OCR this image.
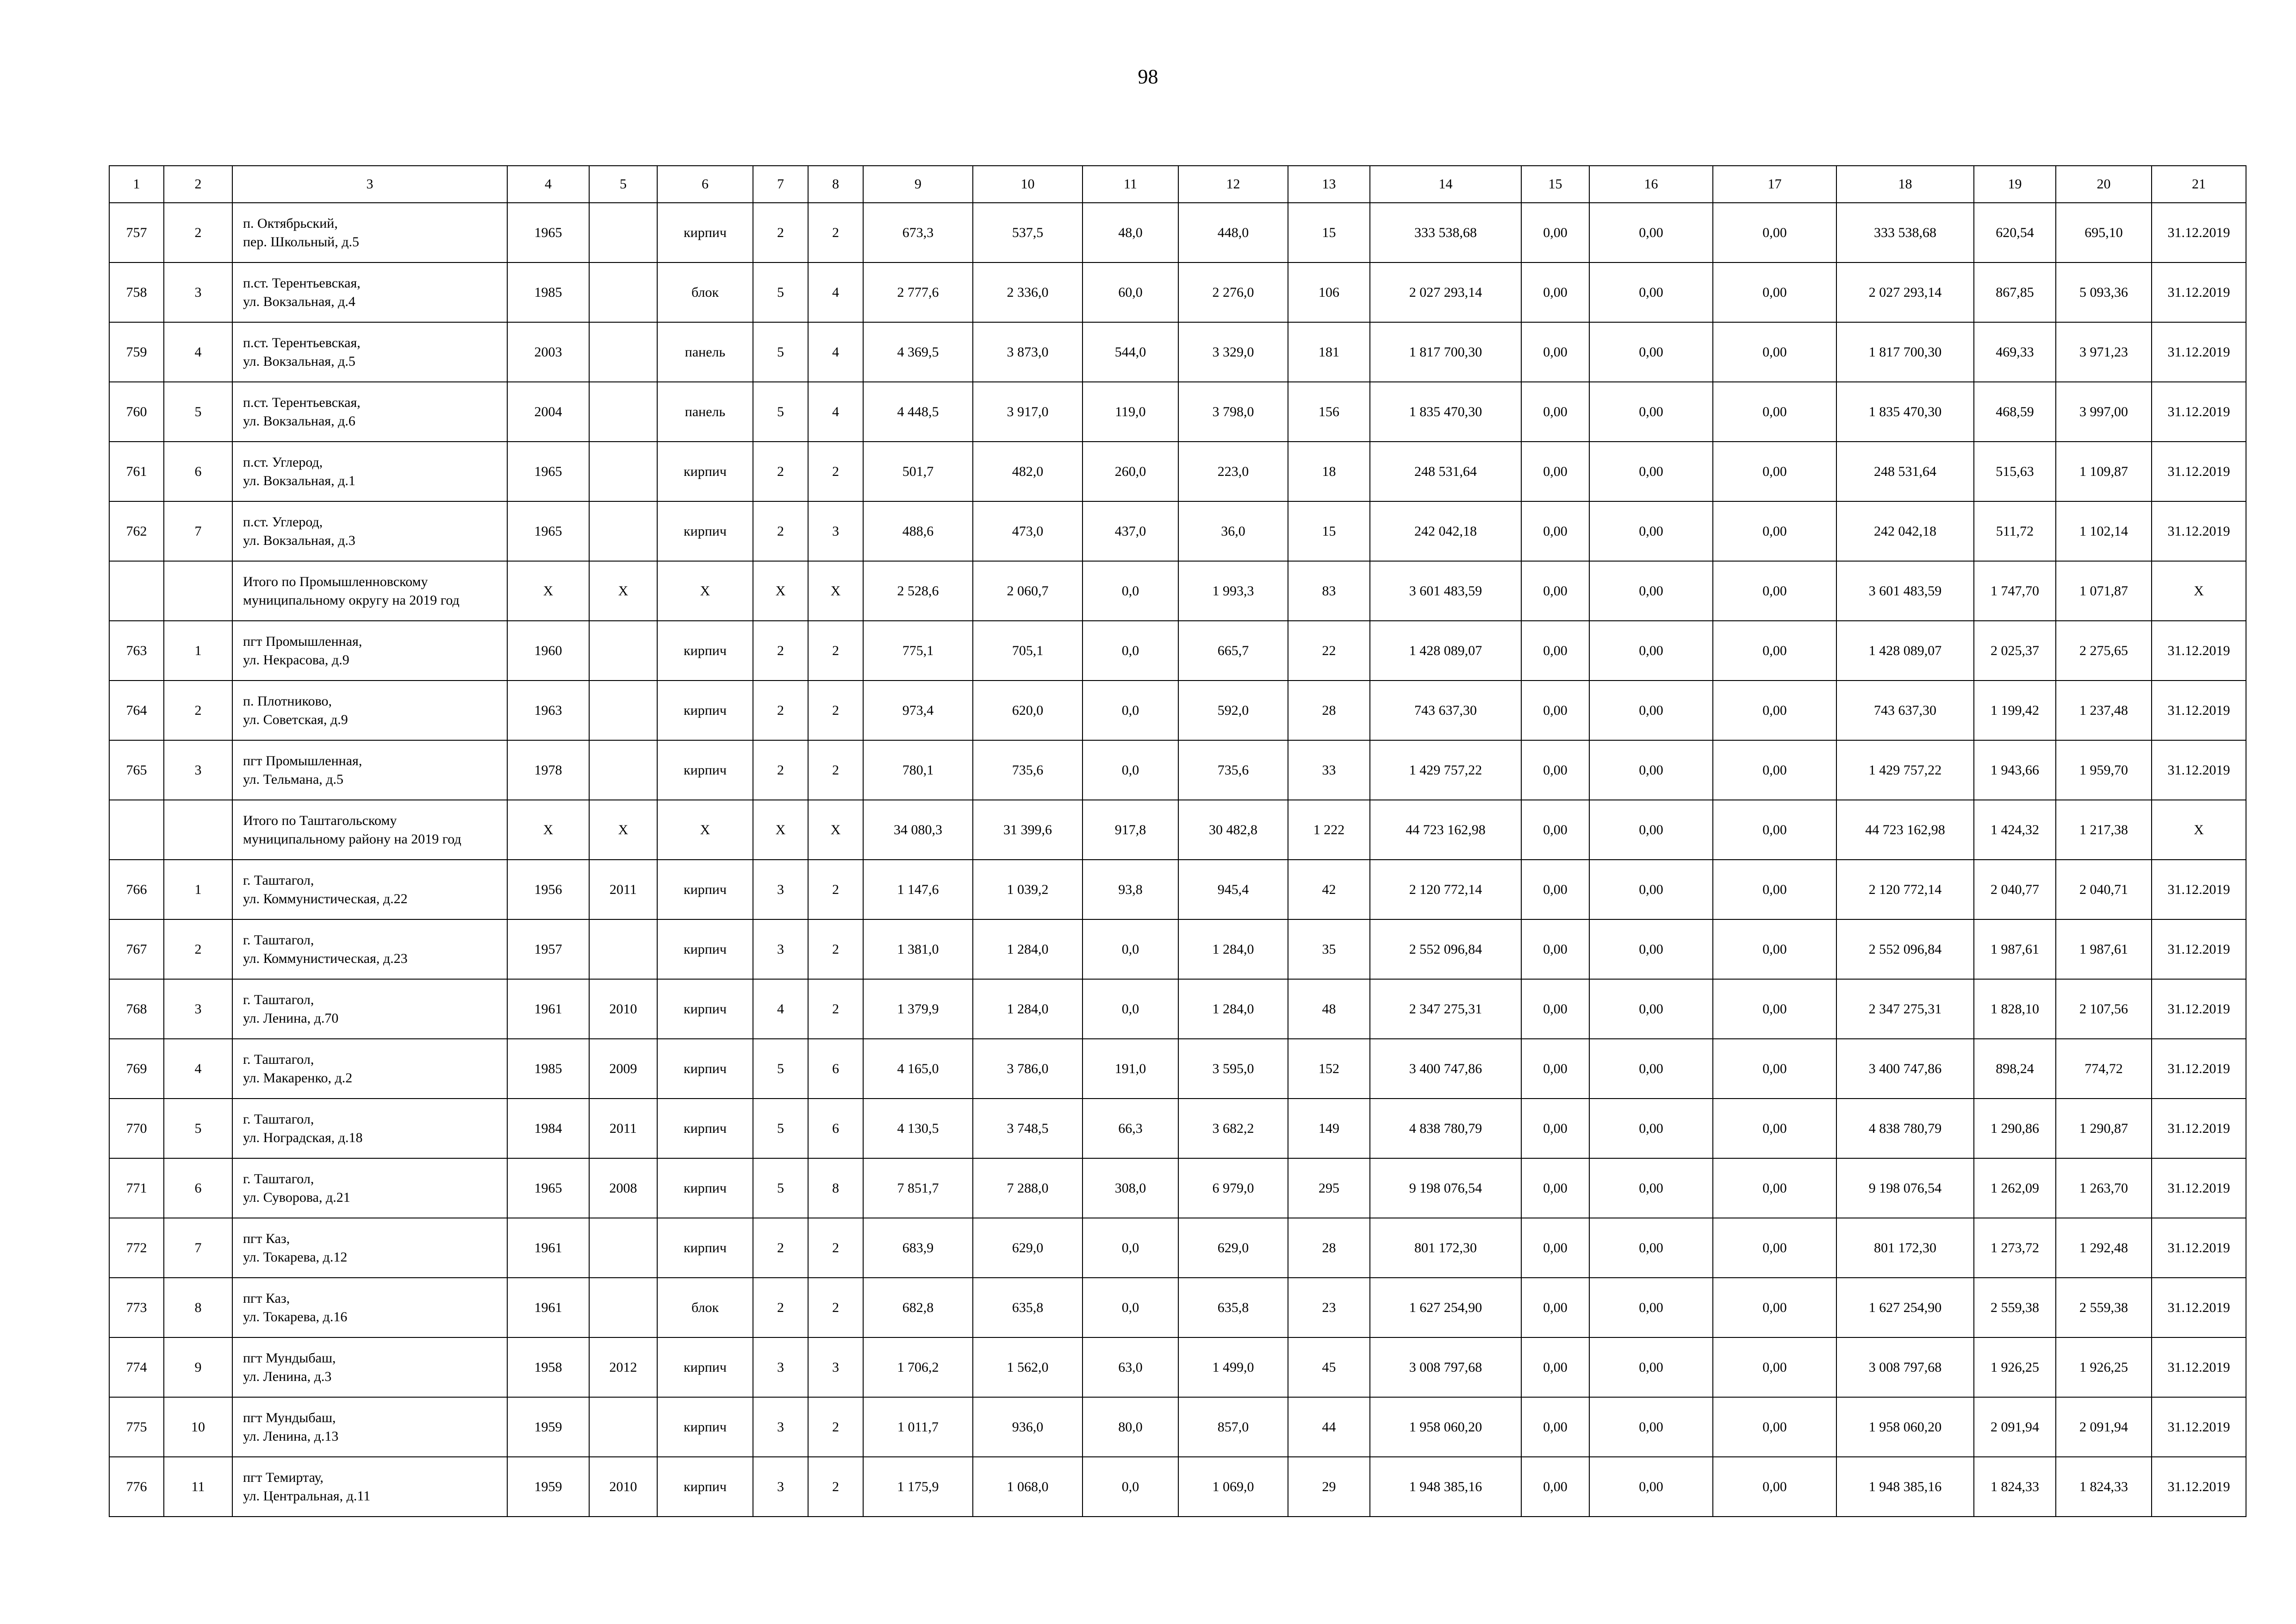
98
1	2	3	4	5	6	7	8	9	10	11	12	13	14	15	16	17	18	19	20	21
757	2	п. Октябрьский,
пер. Школьный, д.5	1965		кирпич	2	2	673,3	537,5	48,0	448,0	15	333 538,68	0,00	0,00	0,00	333 538,68	620,54	695,10	31.12.2019
758	3	п.ст. Терентьевская,
ул. Вокзальная, д.4	1985		блок	5	4	2 777,6	2 336,0	60,0	2 276,0	106	2 027 293,14	0,00	0,00	0,00	2 027 293,14	867,85	5 093,36	31.12.2019
759	4	п.ст. Терентьевская,
ул. Вокзальная, д.5	2003		панель	5	4	4 369,5	3 873,0	544,0	3 329,0	181	1 817 700,30	0,00	0,00	0,00	1 817 700,30	469,33	3 971,23	31.12.2019
760	5	п.ст. Терентьевская,
ул. Вокзальная, д.6	2004		панель	5	4	4 448,5	3 917,0	119,0	3 798,0	156	1 835 470,30	0,00	0,00	0,00	1 835 470,30	468,59	3 997,00	31.12.2019
761	6	п.ст. Углерод,
ул. Вокзальная, д.1	1965		кирпич	2	2	501,7	482,0	260,0	223,0	18	248 531,64	0,00	0,00	0,00	248 531,64	515,63	1 109,87	31.12.2019
762	7	п.ст. Углерод,
ул. Вокзальная, д.3	1965		кирпич	2	3	488,6	473,0	437,0	36,0	15	242 042,18	0,00	0,00	0,00	242 042,18	511,72	1 102,14	31.12.2019
		Итого по Промышленновскому
муниципальному округу на 2019 год	X	X	X	X	X	2 528,6	2 060,7	0,0	1 993,3	83	3 601 483,59	0,00	0,00	0,00	3 601 483,59	1 747,70	1 071,87	X
763	1	пгт Промышленная,
ул. Некрасова, д.9	1960		кирпич	2	2	775,1	705,1	0,0	665,7	22	1 428 089,07	0,00	0,00	0,00	1 428 089,07	2 025,37	2 275,65	31.12.2019
764	2	п. Плотниково,
ул. Советская, д.9	1963		кирпич	2	2	973,4	620,0	0,0	592,0	28	743 637,30	0,00	0,00	0,00	743 637,30	1 199,42	1 237,48	31.12.2019
765	3	пгт Промышленная,
ул. Тельмана, д.5	1978		кирпич	2	2	780,1	735,6	0,0	735,6	33	1 429 757,22	0,00	0,00	0,00	1 429 757,22	1 943,66	1 959,70	31.12.2019
		Итого по Таштагольскому
муниципальному району на 2019 год	X	X	X	X	X	34 080,3	31 399,6	917,8	30 482,8	1 222	44 723 162,98	0,00	0,00	0,00	44 723 162,98	1 424,32	1 217,38	X
766	1	г. Таштагол,
ул. Коммунистическая, д.22	1956	2011	кирпич	3	2	1 147,6	1 039,2	93,8	945,4	42	2 120 772,14	0,00	0,00	0,00	2 120 772,14	2 040,77	2 040,71	31.12.2019
767	2	г. Таштагол,
ул. Коммунистическая, д.23	1957		кирпич	3	2	1 381,0	1 284,0	0,0	1 284,0	35	2 552 096,84	0,00	0,00	0,00	2 552 096,84	1 987,61	1 987,61	31.12.2019
768	3	г. Таштагол,
ул. Ленина, д.70	1961	2010	кирпич	4	2	1 379,9	1 284,0	0,0	1 284,0	48	2 347 275,31	0,00	0,00	0,00	2 347 275,31	1 828,10	2 107,56	31.12.2019
769	4	г. Таштагол,
ул. Макаренко, д.2	1985	2009	кирпич	5	6	4 165,0	3 786,0	191,0	3 595,0	152	3 400 747,86	0,00	0,00	0,00	3 400 747,86	898,24	774,72	31.12.2019
770	5	г. Таштагол,
ул. Ноградская, д.18	1984	2011	кирпич	5	6	4 130,5	3 748,5	66,3	3 682,2	149	4 838 780,79	0,00	0,00	0,00	4 838 780,79	1 290,86	1 290,87	31.12.2019
771	6	г. Таштагол,
ул. Суворова, д.21	1965	2008	кирпич	5	8	7 851,7	7 288,0	308,0	6 979,0	295	9 198 076,54	0,00	0,00	0,00	9 198 076,54	1 262,09	1 263,70	31.12.2019
772	7	пгт Каз,
ул. Токарева, д.12	1961		кирпич	2	2	683,9	629,0	0,0	629,0	28	801 172,30	0,00	0,00	0,00	801 172,30	1 273,72	1 292,48	31.12.2019
773	8	пгт Каз,
ул. Токарева, д.16	1961		блок	2	2	682,8	635,8	0,0	635,8	23	1 627 254,90	0,00	0,00	0,00	1 627 254,90	2 559,38	2 559,38	31.12.2019
774	9	пгт Мундыбаш,
ул. Ленина, д.3	1958	2012	кирпич	3	3	1 706,2	1 562,0	63,0	1 499,0	45	3 008 797,68	0,00	0,00	0,00	3 008 797,68	1 926,25	1 926,25	31.12.2019
775	10	пгт Мундыбаш,
ул. Ленина, д.13	1959		кирпич	3	2	1 011,7	936,0	80,0	857,0	44	1 958 060,20	0,00	0,00	0,00	1 958 060,20	2 091,94	2 091,94	31.12.2019
776	11	пгт Темиртау,
ул. Центральная, д.11	1959	2010	кирпич	3	2	1 175,9	1 068,0	0,0	1 069,0	29	1 948 385,16	0,00	0,00	0,00	1 948 385,16	1 824,33	1 824,33	31.12.2019
